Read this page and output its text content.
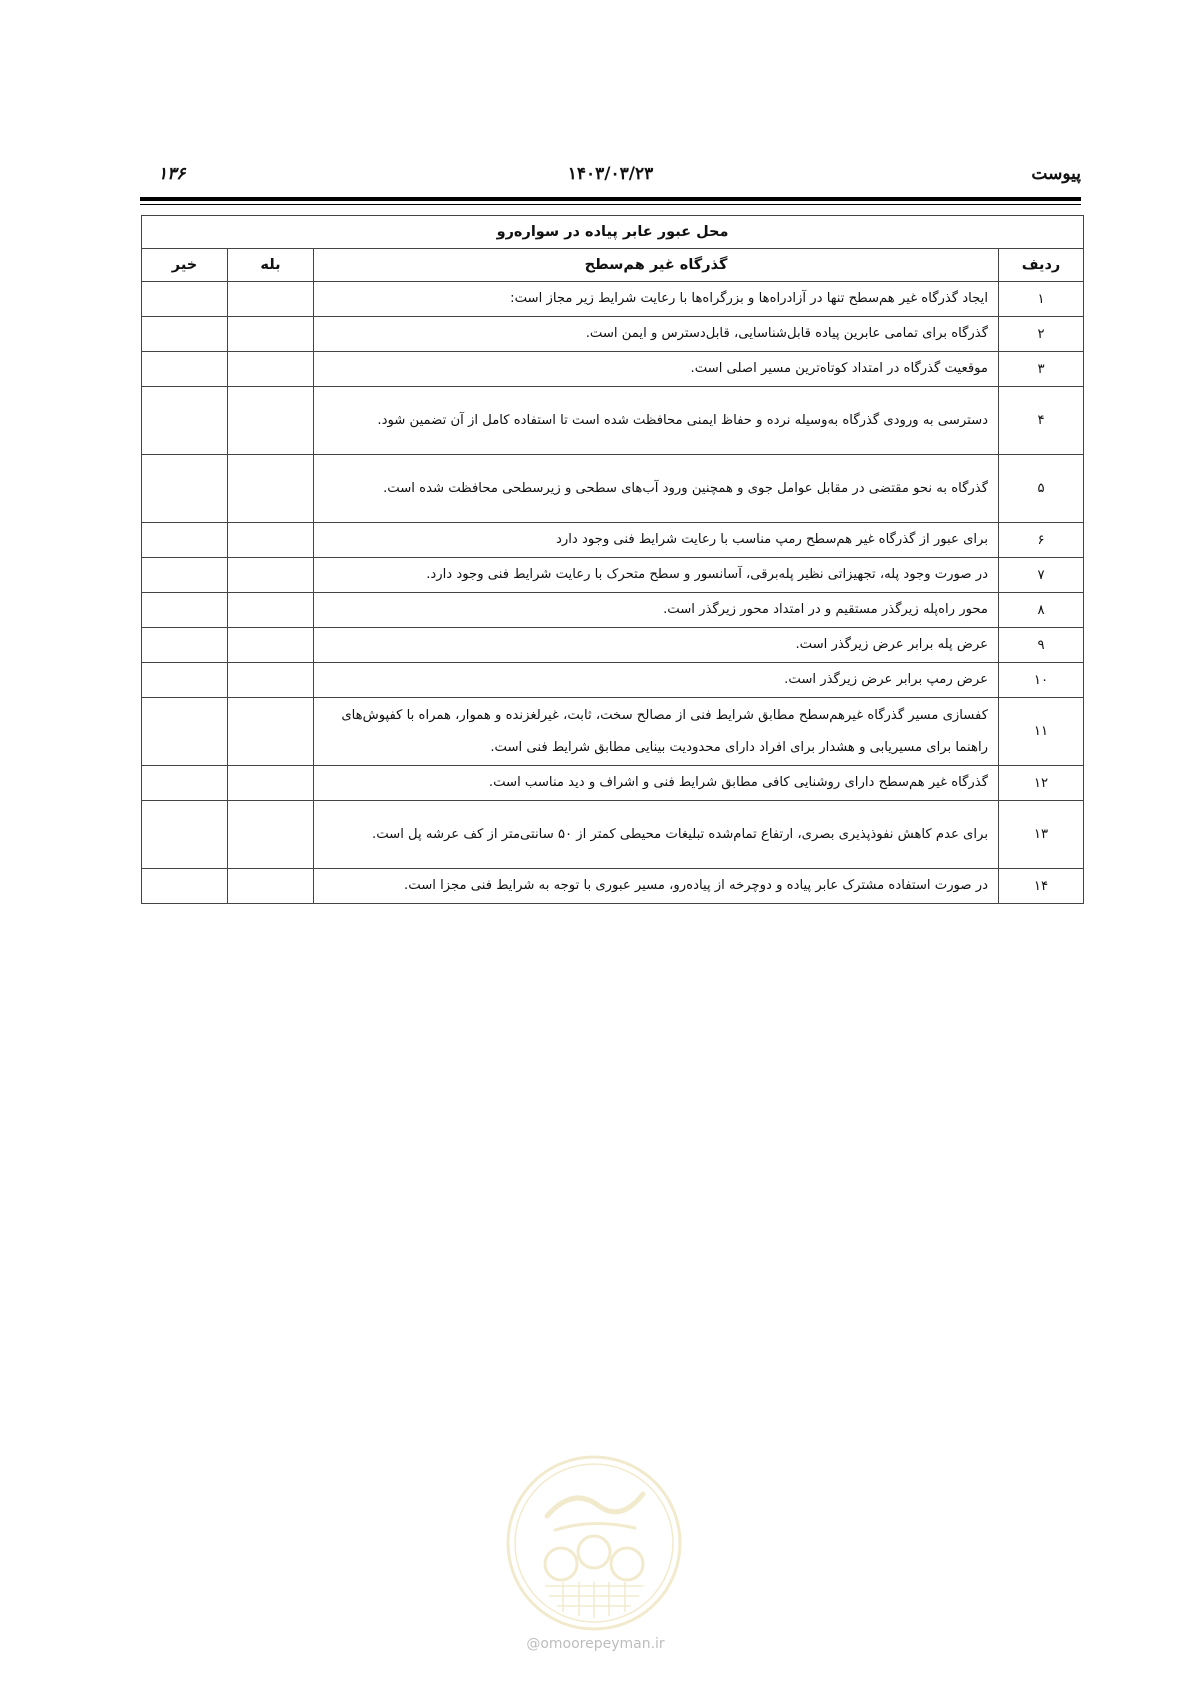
پیوست
۱۴۰۳/۰۳/۲۳
۱۳۶
محل عبور عابر پیاده در سواره‌رو			
ردیف	گذرگاه غیر هم‌سطح	بله	خیر
۱	ایجاد گذرگاه غیر هم‌سطح تنها در آزادراه‌ها و بزرگراه‌ها با رعایت شرایط زیر مجاز است:		
۲	گذرگاه برای تمامی عابرین پیاده قابل‌شناسایی، قابل‌دسترس و ایمن است.		
۳	موقعیت گذرگاه در امتداد کوتاه‌ترین مسیر اصلی است.		
۴	دسترسی به ورودی گذرگاه به‌وسیله نرده و حفاظ ایمنی محافظت شده است تا استفاده کامل از آن تضمین شود.		
۵	گذرگاه به نحو مقتضی در مقابل عوامل جوی و همچنین ورود آب‌های سطحی و زیرسطحی محافظت شده است.		
۶	برای عبور از گذرگاه غیر هم‌سطح رمپ مناسب با رعایت شرایط فنی وجود دارد		
۷	در صورت وجود پله، تجهیزاتی نظیر پله‌برقی، آسانسور و سطح متحرک با رعایت شرایط فنی وجود دارد.		
۸	محور راه‌پله زیرگذر مستقیم و در امتداد محور زیرگذر است.		
۹	عرض پله برابر عرض زیرگذر است.		
۱۰	عرض رمپ برابر عرض زیرگذر است.		
۱۱	کفسازی مسیر گذرگاه غیرهم‌سطح مطابق شرایط فنی از مصالح سخت، ثابت، غیرلغزنده و هموار، همراه با کفپوش‌های راهنما برای مسیریابی و هشدار برای افراد دارای محدودیت بینایی مطابق شرایط فنی است.		
۱۲	گذرگاه غیر هم‌سطح دارای روشنایی کافی مطابق شرایط فنی و اشراف و دید مناسب است.		
۱۳	برای عدم کاهش نفوذپذیری بصری، ارتفاع تمام‌شده تبلیغات محیطی کمتر از ۵۰ سانتی‌متر از کف عرشه پل است.		
۱۴	در صورت استفاده مشترک عابر پیاده و دوچرخه از پیاده‌رو، مسیر عبوری با توجه به شرایط فنی مجزا است.		
@omoorepeyman.ir
